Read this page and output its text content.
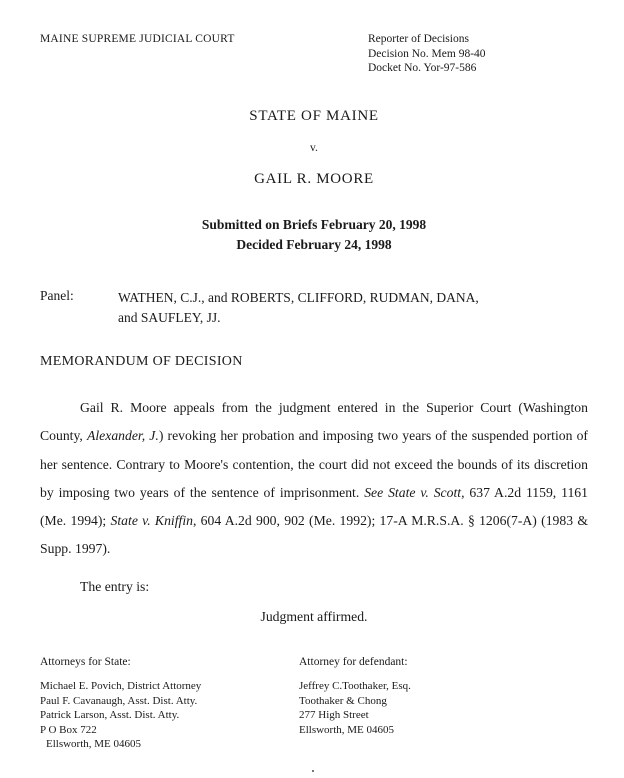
MAINE SUPREME JUDICIAL COURT	Reporter of Decisions
Decision No. Mem 98-40
Docket No. Yor-97-586
STATE OF MAINE
v.
GAIL R. MOORE
Submitted on Briefs February 20, 1998
Decided February 24, 1998
Panel:	WATHEN, C.J., and ROBERTS, CLIFFORD, RUDMAN, DANA,
and SAUFLEY, JJ.
MEMORANDUM OF DECISION

Gail R. Moore appeals from the judgment entered in the Superior Court (Washington County, Alexander, J.) revoking her probation and imposing two years of the suspended portion of her sentence. Contrary to Moore's contention, the court did not exceed the bounds of its discretion by imposing two years of the sentence of imprisonment. See State v. Scott, 637 A.2d 1159, 1161 (Me. 1994); State v. Kniffin, 604 A.2d 900, 902 (Me. 1992); 17-A M.R.S.A. § 1206(7-A) (1983 & Supp. 1997).

The entry is:
Judgment affirmed.
Attorneys for State:
Michael E. Povich, District Attorney
Paul F. Cavanaugh, Asst. Dist. Atty.
Patrick Larson, Asst. Dist. Atty.
P O Box 722
Ellsworth, ME 04605
Attorney for defendant:
Jeffrey C.Toothaker, Esq.
Toothaker & Chong
277 High Street
Ellsworth, ME 04605
